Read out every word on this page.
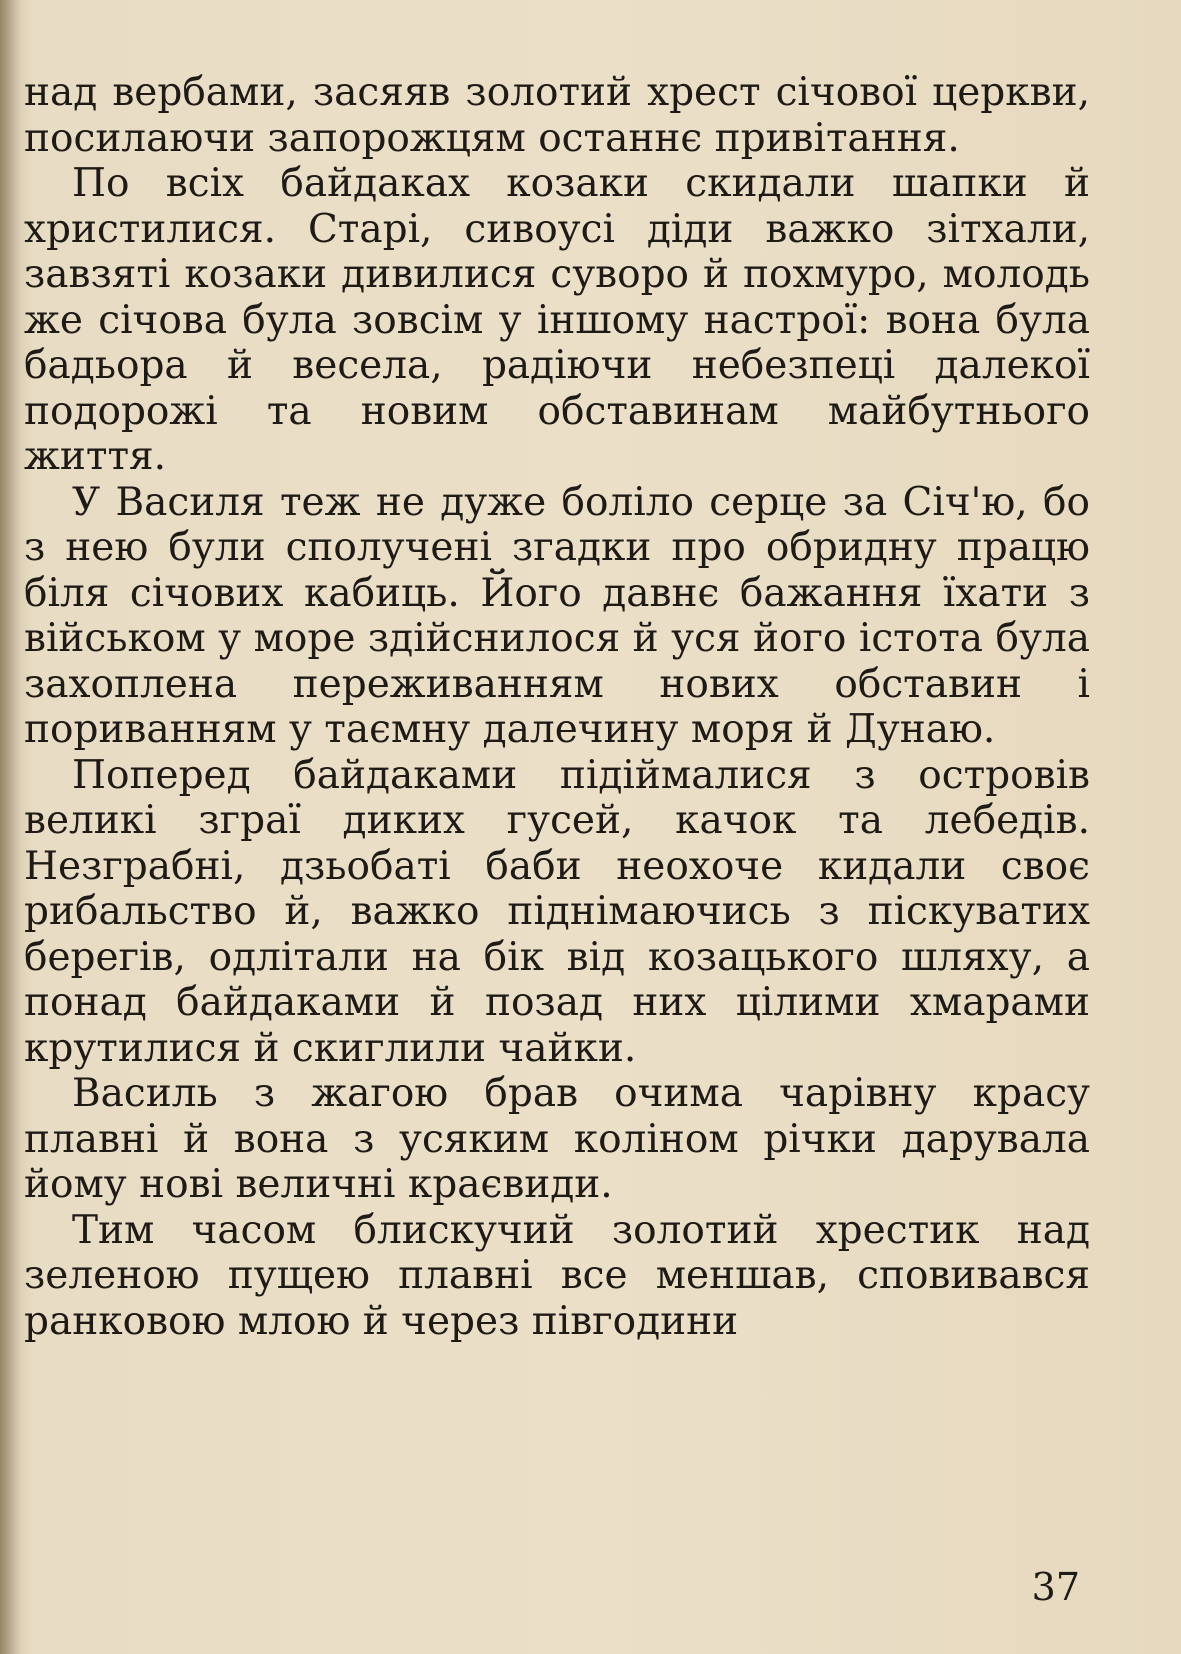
над вербами, засяяв золотий хрест січової церкви, посилаючи запорожцям останнє привітання.

По всіх байдаках козаки скидали шапки й христилися. Старі, сивоусі діди важко зітхали, завзяті козаки дивилися суворо й похмуро, молодь же січова була зовсім у іншому настрої: вона була бадьора й весела, радіючи небезпеці далекої подорожі та новим обставинам майбутнього життя.

У Василя теж не дуже боліло серце за Січ'ю, бо з нею були сполучені згадки про обридну працю біля січових кабиць. Його давнє бажання їхати з військом у море здійснилося й уся його істота була захоплена переживанням нових обставин і пориванням у таємну далечину моря й Дунаю.

Поперед байдаками підіймалися з островів великі зграї диких гусей, качок та лебедів. Незграбні, дзьобаті баби неохоче кидали своє рибальство й, важко піднімаючись з піскуватих берегів, одлітали на бік від козацького шляху, а понад байдаками й позад них цілими хмарами крутилися й скиглили чайки.

Василь з жагою брав очима чарівну красу плавні й вона з усяким коліном річки дарувала йому нові величні краєвиди.

Тим часом блискучий золотий хрестик над зеленою пущею плавні все меншав, сповивався ранковою млою й через півгодини

37
